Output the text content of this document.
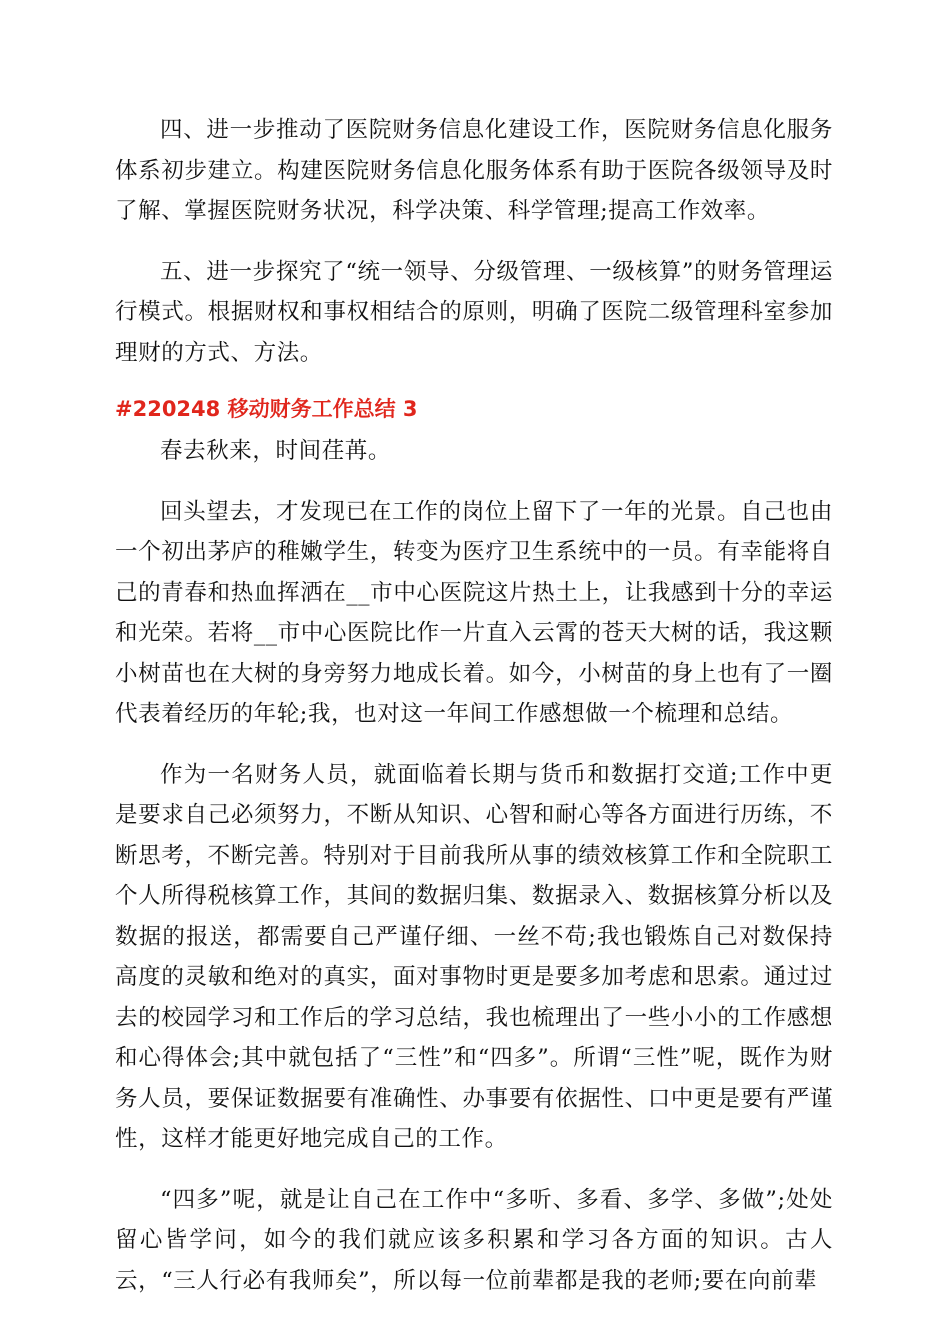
四、进一步推动了医院财务信息化建设工作，医院财务信息化服务体系初步建立。构建医院财务信息化服务体系有助于医院各级领导及时了解、掌握医院财务状况，科学决策、科学管理;提高工作效率。

五、进一步探究了“统一领导、分级管理、一级核算”的财务管理运行模式。根据财权和事权相结合的原则，明确了医院二级管理科室参加理财的方式、方法。

#220248 移动财务工作总结 3

春去秋来，时间荏苒。

回头望去，才发现已在工作的岗位上留下了一年的光景。自己也由一个初出茅庐的稚嫩学生，转变为医疗卫生系统中的一员。有幸能将自己的青春和热血挥洒在__市中心医院这片热土上，让我感到十分的幸运和光荣。若将__市中心医院比作一片直入云霄的苍天大树的话，我这颗小树苗也在大树的身旁努力地成长着。如今，小树苗的身上也有了一圈代表着经历的年轮;我，也对这一年间工作感想做一个梳理和总结。

作为一名财务人员，就面临着长期与货币和数据打交道;工作中更是要求自己必须努力，不断从知识、心智和耐心等各方面进行历练，不断思考，不断完善。特别对于目前我所从事的绩效核算工作和全院职工个人所得税核算工作，其间的数据归集、数据录入、数据核算分析以及数据的报送，都需要自己严谨仔细、一丝不苟;我也锻炼自己对数保持高度的灵敏和绝对的真实，面对事物时更是要多加考虑和思索。通过过去的校园学习和工作后的学习总结，我也梳理出了一些小小的工作感想和心得体会;其中就包括了“三性”和“四多”。所谓“三性”呢，既作为财务人员，要保证数据要有准确性、办事要有依据性、口中更是要有严谨性，这样才能更好地完成自己的工作。

“四多”呢，就是让自己在工作中“多听、多看、多学、多做”;处处留心皆学问，如今的我们就应该多积累和学习各方面的知识。古人云，“三人行必有我师矣”，所以每一位前辈都是我的老师;要在向前辈
